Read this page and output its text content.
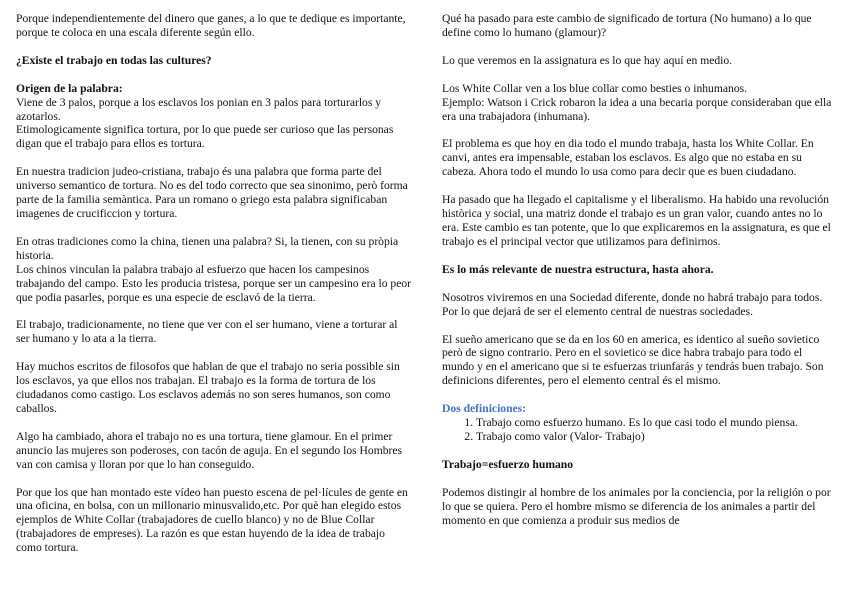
Porque independientemente del dinero que ganes, a lo que te dedique es importante, porque te coloca en una escala diferente según ello.

¿Existe el trabajo en todas las cultures?

Origen de la palabra:
Viene de 3 palos, porque a los esclavos los ponian en 3 palos para torturarlos y azotarlos.
Etimologicamente significa tortura, por lo que puede ser curioso que las personas digan que el trabajo para ellos es tortura.

En nuestra tradicion judeo-cristiana, trabajo és una palabra que forma parte del universo semantico de tortura. No es del todo correcto que sea sinonimo, però forma parte de la familia semàntica. Para un romano o griego esta palabra significaban imagenes de crucificcion y tortura.

En otras tradiciones como la china, tienen una palabra? Si, la tienen, con su pròpia historia.
Los chinos vinculan la palabra trabajo al esfuerzo que hacen los campesinos trabajando del campo. Esto les producia tristesa, porque ser un campesino era lo peor que podia pasarles, porque es una especie de esclavó de la tierra.

El trabajo, tradicionamente, no tiene que ver con el ser humano, viene a torturar al ser humano y lo ata a la tierra.

Hay muchos escritos de filosofos que hablan de que el trabajo no seria possible sin los esclavos, ya que ellos nos trabajan. El trabajo es la forma de tortura de los ciudadanos como castigo. Los esclavos además no son seres humanos, son como caballos.

Algo ha cambiado, ahora el trabajo no es una tortura, tiene glamour. En el primer anuncio las mujeres son poderoses, con tacón de aguja. En el segundo los Hombres van con camisa y lloran por que lo han conseguido.

Por que los que han montado este vídeo han puesto escena de pel·lícules de gente en una oficina, en bolsa, con un millonario minusvalido,etc. Por què han elegido estos ejemplos de White Collar (trabajadores de cuello blanco) y no de Blue Collar (trabajadores de empreses). La razón es que estan huyendo de la idea de trabajo como tortura.

Qué ha pasado para este cambio de significado de tortura (No humano) a lo que define como lo humano (glamour)?

Lo que veremos en la assignatura es lo que hay aquí en medio.

Los White Collar ven a los blue collar como besties o inhumanos.
Ejemplo: Watson i Crick robaron la idea a una becaria porque consideraban que ella era una trabajadora (inhumana).

El problema es que hoy en dia todo el mundo trabaja, hasta los White Collar. En canvi, antes era impensable, estaban los esclavos. Es algo que no estaba en su cabeza. Ahora todo el mundo lo usa como para decir que es buen ciudadano.

Ha pasado que ha llegado el capitalisme y el liberalismo. Ha habido una revolución històrica y social, una matriz donde el trabajo es un gran valor, cuando antes no lo era. Este cambio es tan potente, que lo que explicaremos en la assignatura, es que el trabajo es el principal vector que utilizamos para definirnos.

Es lo más relevante de nuestra estructura, hasta ahora.

Nosotros viviremos en una Sociedad diferente, donde no habrá trabajo para todos. Por lo que dejará de ser el elemento central de nuestras sociedades.

El sueño americano que se da en los 60 en america, es identico al sueño sovietico però de signo contrario. Pero en el sovietico se dice habra trabajo para todo el mundo y en el americano que si te esfuerzas triunfarás y tendrás buen trabajo. Son definicions diferentes, pero el elemento central és el mismo.

Dos definiciones:

1. Trabajo como esfuerzo humano. Es lo que casi todo el mundo piensa.
2. Trabajo como valor (Valor- Trabajo)

Trabajo=esfuerzo humano

Podemos distingir al hombre de los animales por la conciencia, por la religión o por lo que se quiera. Pero el hombre mismo se diferencia de los animales a partir del momento en que comienza a produir sus medios de
